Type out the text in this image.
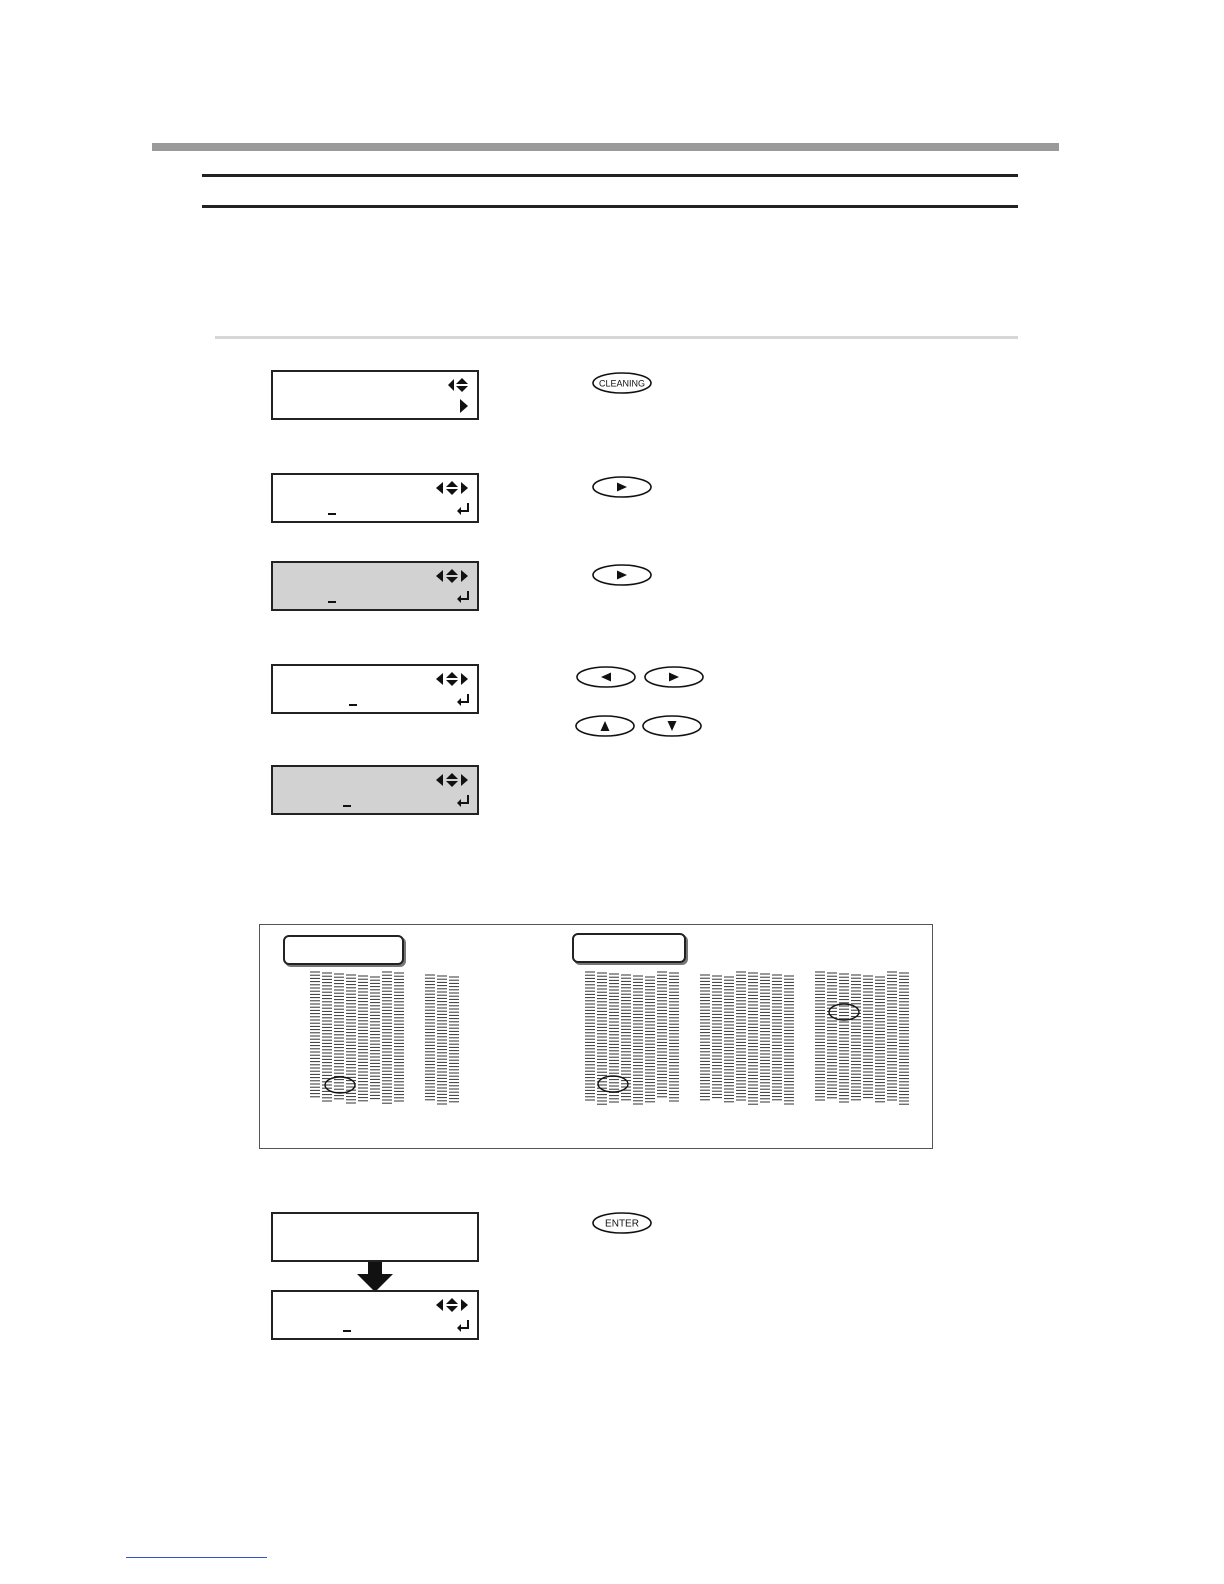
CLEANING
ENTER
